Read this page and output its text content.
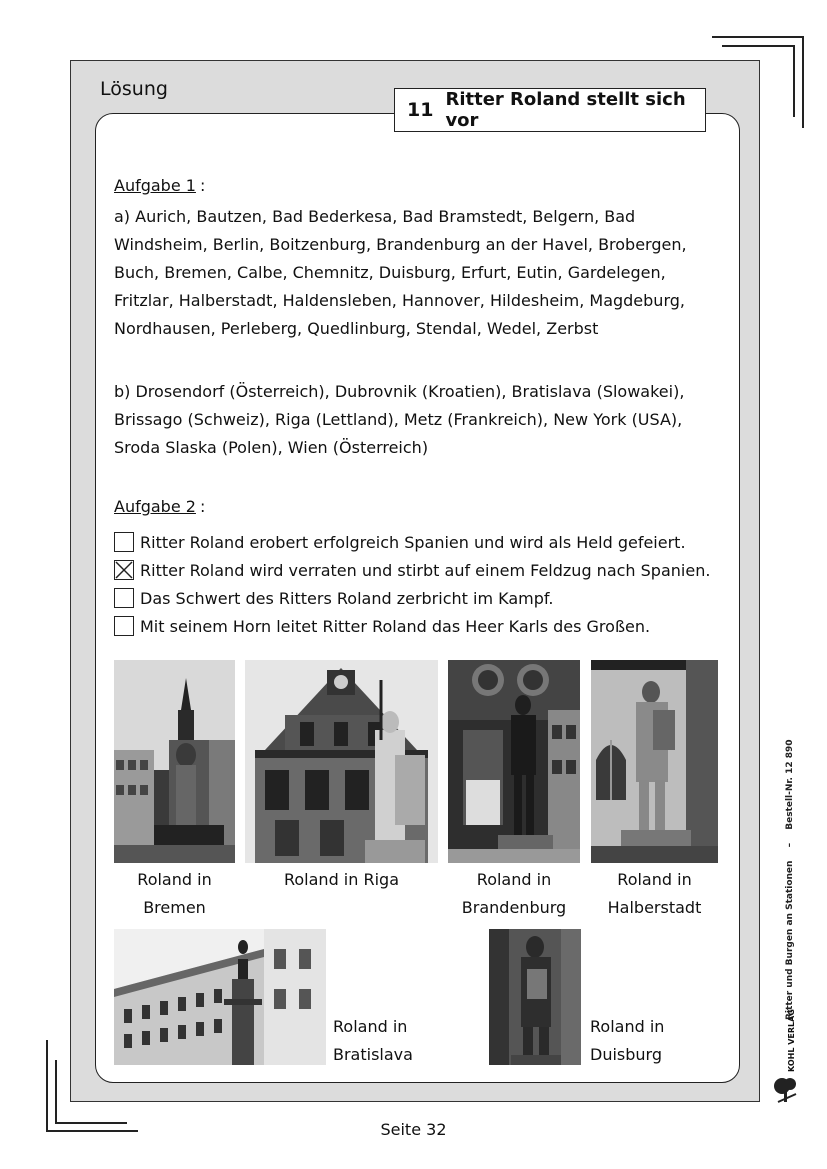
Lösung
11 Ritter Roland stellt sich vor
Aufgabe 1 :
a) Aurich, Bautzen, Bad Bederkesa, Bad Bramstedt, Belgern, Bad
Windsheim, Berlin, Boitzenburg, Brandenburg an der Havel, Brobergen,
Buch, Bremen, Calbe, Chemnitz, Duisburg, Erfurt, Eutin, Gardelegen,
Fritzlar, Halberstadt, Haldensleben, Hannover, Hildesheim, Magdeburg,
Nordhausen, Perleberg, Quedlinburg, Stendal, Wedel, Zerbst
b) Drosendorf (Österreich), Dubrovnik (Kroatien), Bratislava (Slowakei),
Brissago (Schweiz), Riga (Lettland), Metz (Frankreich), New York (USA),
Sroda Slaska (Polen), Wien (Österreich)
Aufgabe 2 :
Ritter Roland erobert erfolgreich Spanien und wird als Held gefeiert.
Ritter Roland wird verraten und stirbt auf einem Feldzug nach Spanien.
Das Schwert des Ritters Roland zerbricht im Kampf.
Mit seinem Horn leitet Ritter Roland das Heer Karls des Großen.
Roland in
Bremen
Roland in Riga	Roland in
Brandenburg
Roland in
Halberstadt
Roland in
Bratislava
Roland in
Duisburg
Ritter und Burgen an Stationen – Bestell-Nr. 12 890
KOHL VERLAG
Seite 32
